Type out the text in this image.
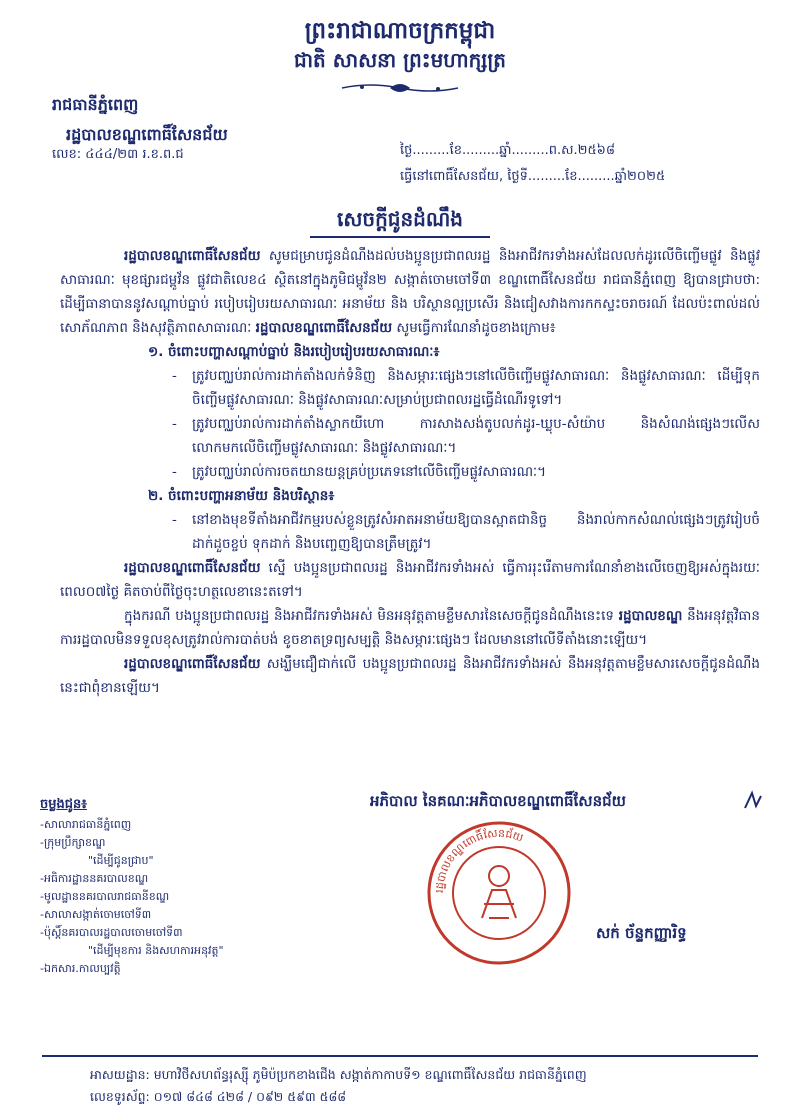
ព្រះរាជាណាចក្រកម្ពុជា
ជាតិ សាសនា ព្រះមហាក្សត្រ
រាជធានីភ្នំពេញ
រដ្ឋបាលខណ្ឌពោធិ៍សែនជ័យ
លេខ: ៤៤៤/២៣ រ.ខ.ព.ជ	ថ្ងៃ.........ខែ.........ឆ្នាំ.........ព.ស.២៥៦៨
ធ្វើនៅពោធិ៍សែនជ័យ, ថ្ងៃទី.........ខែ.........ឆ្នាំ២០២៥
សេចក្តីជូនដំណឹង

រដ្ឋបាលខណ្ឌពោធិ៍សែនជ័យ សូមជម្រាបជូនដំណឹងដល់បងប្អូនប្រជាពលរដ្ឋ និងអាជីវករទាំងអស់ដែលលក់ដូរលើចិញ្ចើមផ្លូវ និងផ្លូវសាធារណៈ មុខផ្សារជម្ពូវ័ន ផ្លូវជាតិលេខ៤ ស្ថិតនៅក្នុងភូមិជម្ពូវ័ន២ សង្កាត់ចោមចៅទី៣ ខណ្ឌពោធិ៍សែនជ័យ រាជធានីភ្នំពេញ ឱ្យបានជ្រាបថា: ដើម្បីធានាបាននូវសណ្តាប់ធ្នាប់ របៀបរៀបរយសាធារណៈ អនាម័យ និង បរិស្ថានល្អប្រសើរ និងជៀសវាងការកកស្ទះចរាចរណ៍ ដែលប៉ះពាល់ដល់សោភ័ណភាព និងសុវត្ថិភាពសាធារណៈ រដ្ឋបាលខណ្ឌពោធិ៍សែនជ័យ សូមធ្វើការណែនាំដូចខាងក្រោម៖

១. ចំពោះបញ្ហាសណ្តាប់ធ្នាប់ និងរបៀបរៀបរយសាធារណៈ៖
- ត្រូវបញ្ឈប់រាល់ការដាក់តាំងលក់ទំនិញ និងសម្ភារៈផ្សេងៗនៅលើចិញ្ចើមផ្លូវសាធារណៈ និងផ្លូវសាធារណៈ ដើម្បីទុកចិញ្ចើមផ្លូវសាធារណៈ និងផ្លូវសាធារណៈសម្រាប់ប្រជាពលរដ្ឋធ្វើដំណើរទូទៅ។
- ត្រូវបញ្ឈប់រាល់ការដាក់តាំងស្លាកយីហោ ការសាងសង់តូបលក់ដូរ-ឃ្លុប-សំយ៉ាប និងសំណង់ផ្សេងៗលើសលោកមកលើចិញ្ចើមផ្លូវសាធារណៈ និងផ្លូវសាធារណៈ។
- ត្រូវបញ្ឈប់រាល់ការចតយានយន្តគ្រប់ប្រភេទនៅលើចិញ្ចើមផ្លូវសាធារណៈ។
២. ចំពោះបញ្ហាអនាម័យ និងបរិស្ថាន៖
- នៅខាងមុខទីតាំងអាជីវកម្មរបស់ខ្លួនត្រូវសំអាតអនាម័យឱ្យបានស្អាតជានិច្ច និងរាល់កាកសំណល់ផ្សេងៗត្រូវរៀបចំដាក់ដួចខ្ចប់ ទុកដាក់ និងបញ្ចេញឱ្យបានត្រឹមត្រូវ។

រដ្ឋបាលខណ្ឌពោធិ៍សែនជ័យ ស្នើ បងប្អូនប្រជាពលរដ្ឋ និងអាជីវករទាំងអស់ ធ្វើការរុះរើតាមការណែនាំខាងលើចេញឱ្យអស់ក្នុងរយៈពេល០៧ថ្ងៃ គិតចាប់ពីថ្ងៃចុះហត្ថលេខានេះតទៅ។

ក្នុងករណី បងប្អូនប្រជាពលរដ្ឋ និងអាជីវករទាំងអស់ មិនអនុវត្តតាមខ្លឹមសារនៃសេចក្តីជូនដំណឹងនេះទេ រដ្ឋបាលខណ្ឌ នឹងអនុវត្តវិធានការរដ្ឋបាលមិនទទួលខុសត្រូវរាល់ការបាត់បង់ ខូចខាតទ្រព្យសម្បត្តិ និងសម្ភារៈផ្សេងៗ ដែលមាននៅលើទីតាំងនោះឡើយ។

រដ្ឋបាលខណ្ឌពោធិ៍សែនជ័យ សង្ឃឹមជឿជាក់លើ បងប្អូនប្រជាពលរដ្ឋ និងអាជីវករទាំងអស់ នឹងអនុវត្តតាមខ្លឹមសារសេចក្តីជូនដំណឹងនេះជាពុំខានឡើយ។

ចម្លងជូន៖
-សាលារាជធានីភ្នំពេញ
-ក្រុមប្រឹក្សាខណ្ឌ
"ដើម្បីជូនជ្រាប"
-អធិការដ្ឋាននគរបាលខណ្ឌ
-មូលដ្ឋាននគរបាលរាជធានីខណ្ឌ
-សាលាសង្កាត់ចោមចៅទី៣
-ប៉ុស្តិ៍នគរបាលរដ្ឋបាលចោមចៅទី៣
"ដើម្បីមុខការ និងសហការអនុវត្ត"
-ឯកសារ.កាលប្បវត្តិ
អភិបាល នៃគណៈអភិបាលខណ្ឌពោធិ៍សែនជ័យ
រដ្ឋបាលខណ្ឌពោធិ៍សែនជ័យ
សក់ ច័ន្ទកញ្ញារិទ្ធ
អាសយដ្ឋាន: មហាវិថីសហព័ន្ធរុស្ស៊ី ភូមិប៉ប្រកខាងជើង សង្កាត់កាកាបទី១ ខណ្ឌពោធិ៍សែនជ័យ រាជធានីភ្នំពេញ
លេខទូរស័ព្ទ: ០១៧ ៨៤៨ ៤២៨ / ០៩២ ៥៩៣ ៥៨៨
